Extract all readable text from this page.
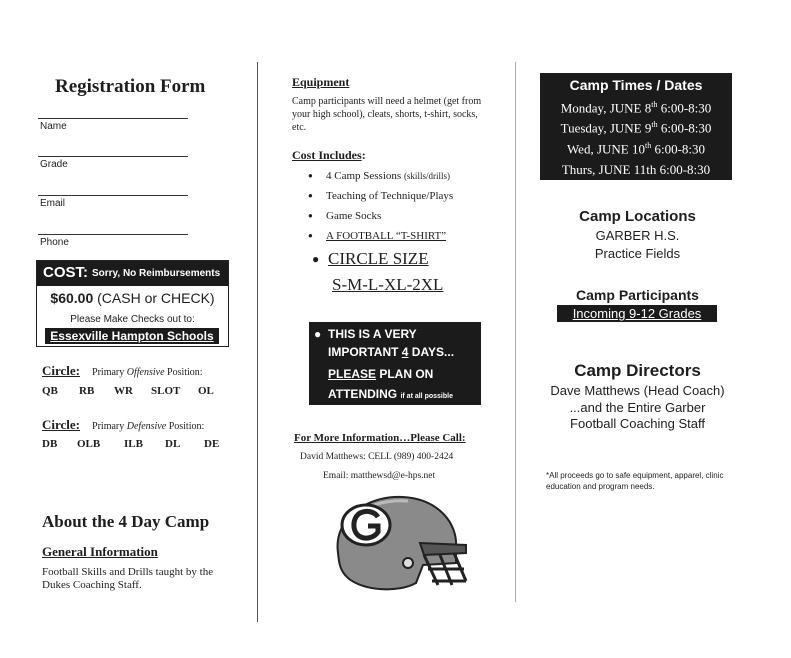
Registration Form
Name
Grade
Email
Phone
COST: Sorry, No Reimbursements
$60.00 (CASH or CHECK)
Please Make Checks out to:
Essexville Hampton Schools
Circle: Primary Offensive Position:
QB RB WR SLOT OL
Circle: Primary Defensive Position:
DB OLB ILB DL DE
About the 4 Day Camp
General Information
Football Skills and Drills taught by the Dukes Coaching Staff.
Equipment
Camp participants will need a helmet (get from your high school), cleats, shorts, t-shirt, socks, etc.
Cost Includes:
● 4 Camp Sessions (skills/drills)
● Teaching of Technique/Plays
● Game Socks
● A FOOTBALL “T-SHIRT”
● CIRCLE SIZE
S-M-L-XL-2XL
● THIS IS A VERY
IMPORTANT 4 DAYS...
PLEASE PLAN ON
ATTENDING if at all possible
For More Information…Please Call:
David Matthews: CELL (989) 400-2424
Email: matthewsd@e-hps.net
Camp Times / Dates
Monday, JUNE 8th 6:00-8:30
Tuesday, JUNE 9th 6:00-8:30
Wed, JUNE 10th 6:00-8:30
Thurs, JUNE 11th 6:00-8:30
Camp Locations
GARBER H.S.
Practice Fields
Camp Participants
Incoming 9-12 Grades
Camp Directors
Dave Matthews (Head Coach)
...and the Entire Garber
Football Coaching Staff
*All proceeds go to safe equipment, apparel, clinic education and program needs.
